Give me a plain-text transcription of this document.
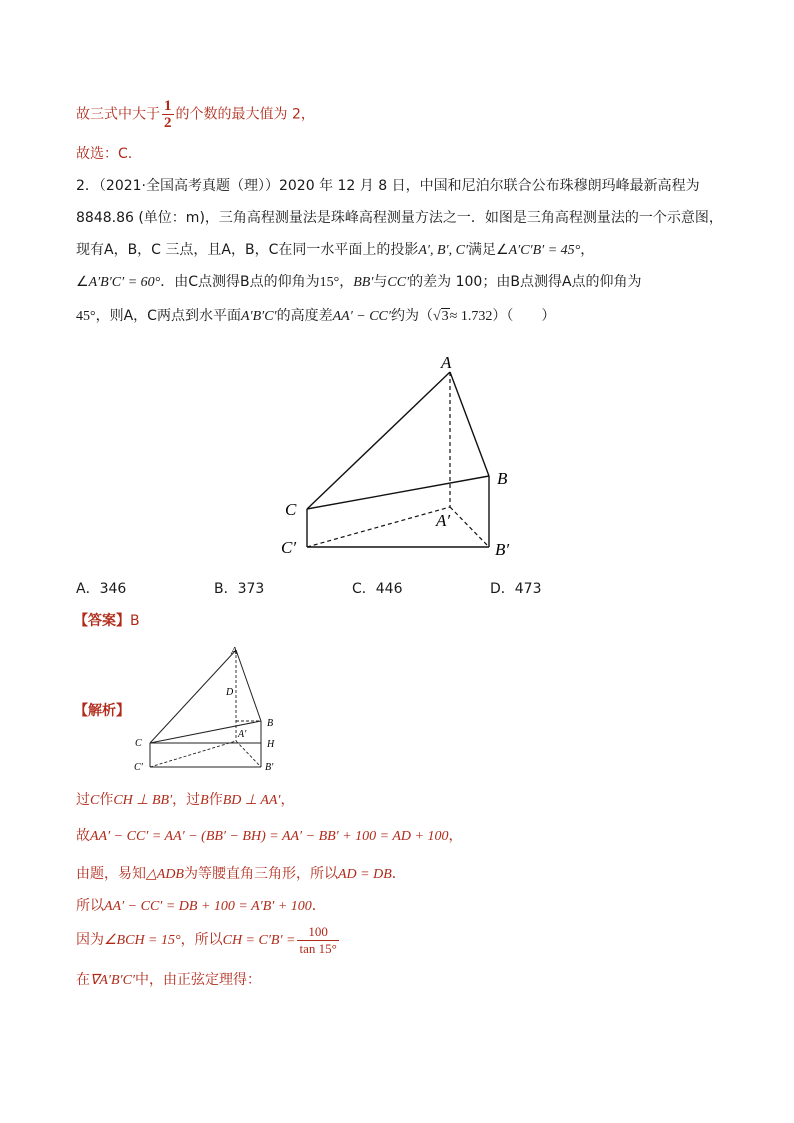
故三式中大于 $\frac{1}{2}$ 的个数的最大值为 2，
故选：C.
2．（2021·全国高考真题（理））2020 年 12 月 8 日，中国和尼泊尔联合公布珠穆朗玛峰最新高程为
8848.86 (单位：m)，三角高程测量法是珠峰高程测量方法之一．如图是三角高程测量法的一个示意图，
现有A，B，C 三点，且A，B，C在同一水平面上的投影A′, B′, C′满足∠A′C′B′ = 45°，
∠A′B′C′ = 60°．由C点测得B点的仰角为15°，BB′与CC′的差为 100；由B点测得A点的仰角为
45°，则A，C两点到水平面A′B′C′的高度差AA′ − CC′约为（√3≈ 1.732）（　　）
A
B
C
A′
B′
C′
A．346	B．373	C．446	D．473
【答案】B
【解析】
A
D
B
C	H
A′
C′	B′
过C作CH ⊥ BB′，过B作BD ⊥ AA′，
故AA′ − CC′ = AA′ − (BB′ − BH) = AA′ − BB′ + 100 = AD + 100，
由题，易知△ADB为等腰直角三角形，所以AD = DB．
所以AA′ − CC′ = DB + 100 = A′B′ + 100．
因为∠BCH = 15°，所以CH = $C'B' = \frac{100}{\tan 15^\circ}$
在∇A′B′C′中，由正弦定理得：
